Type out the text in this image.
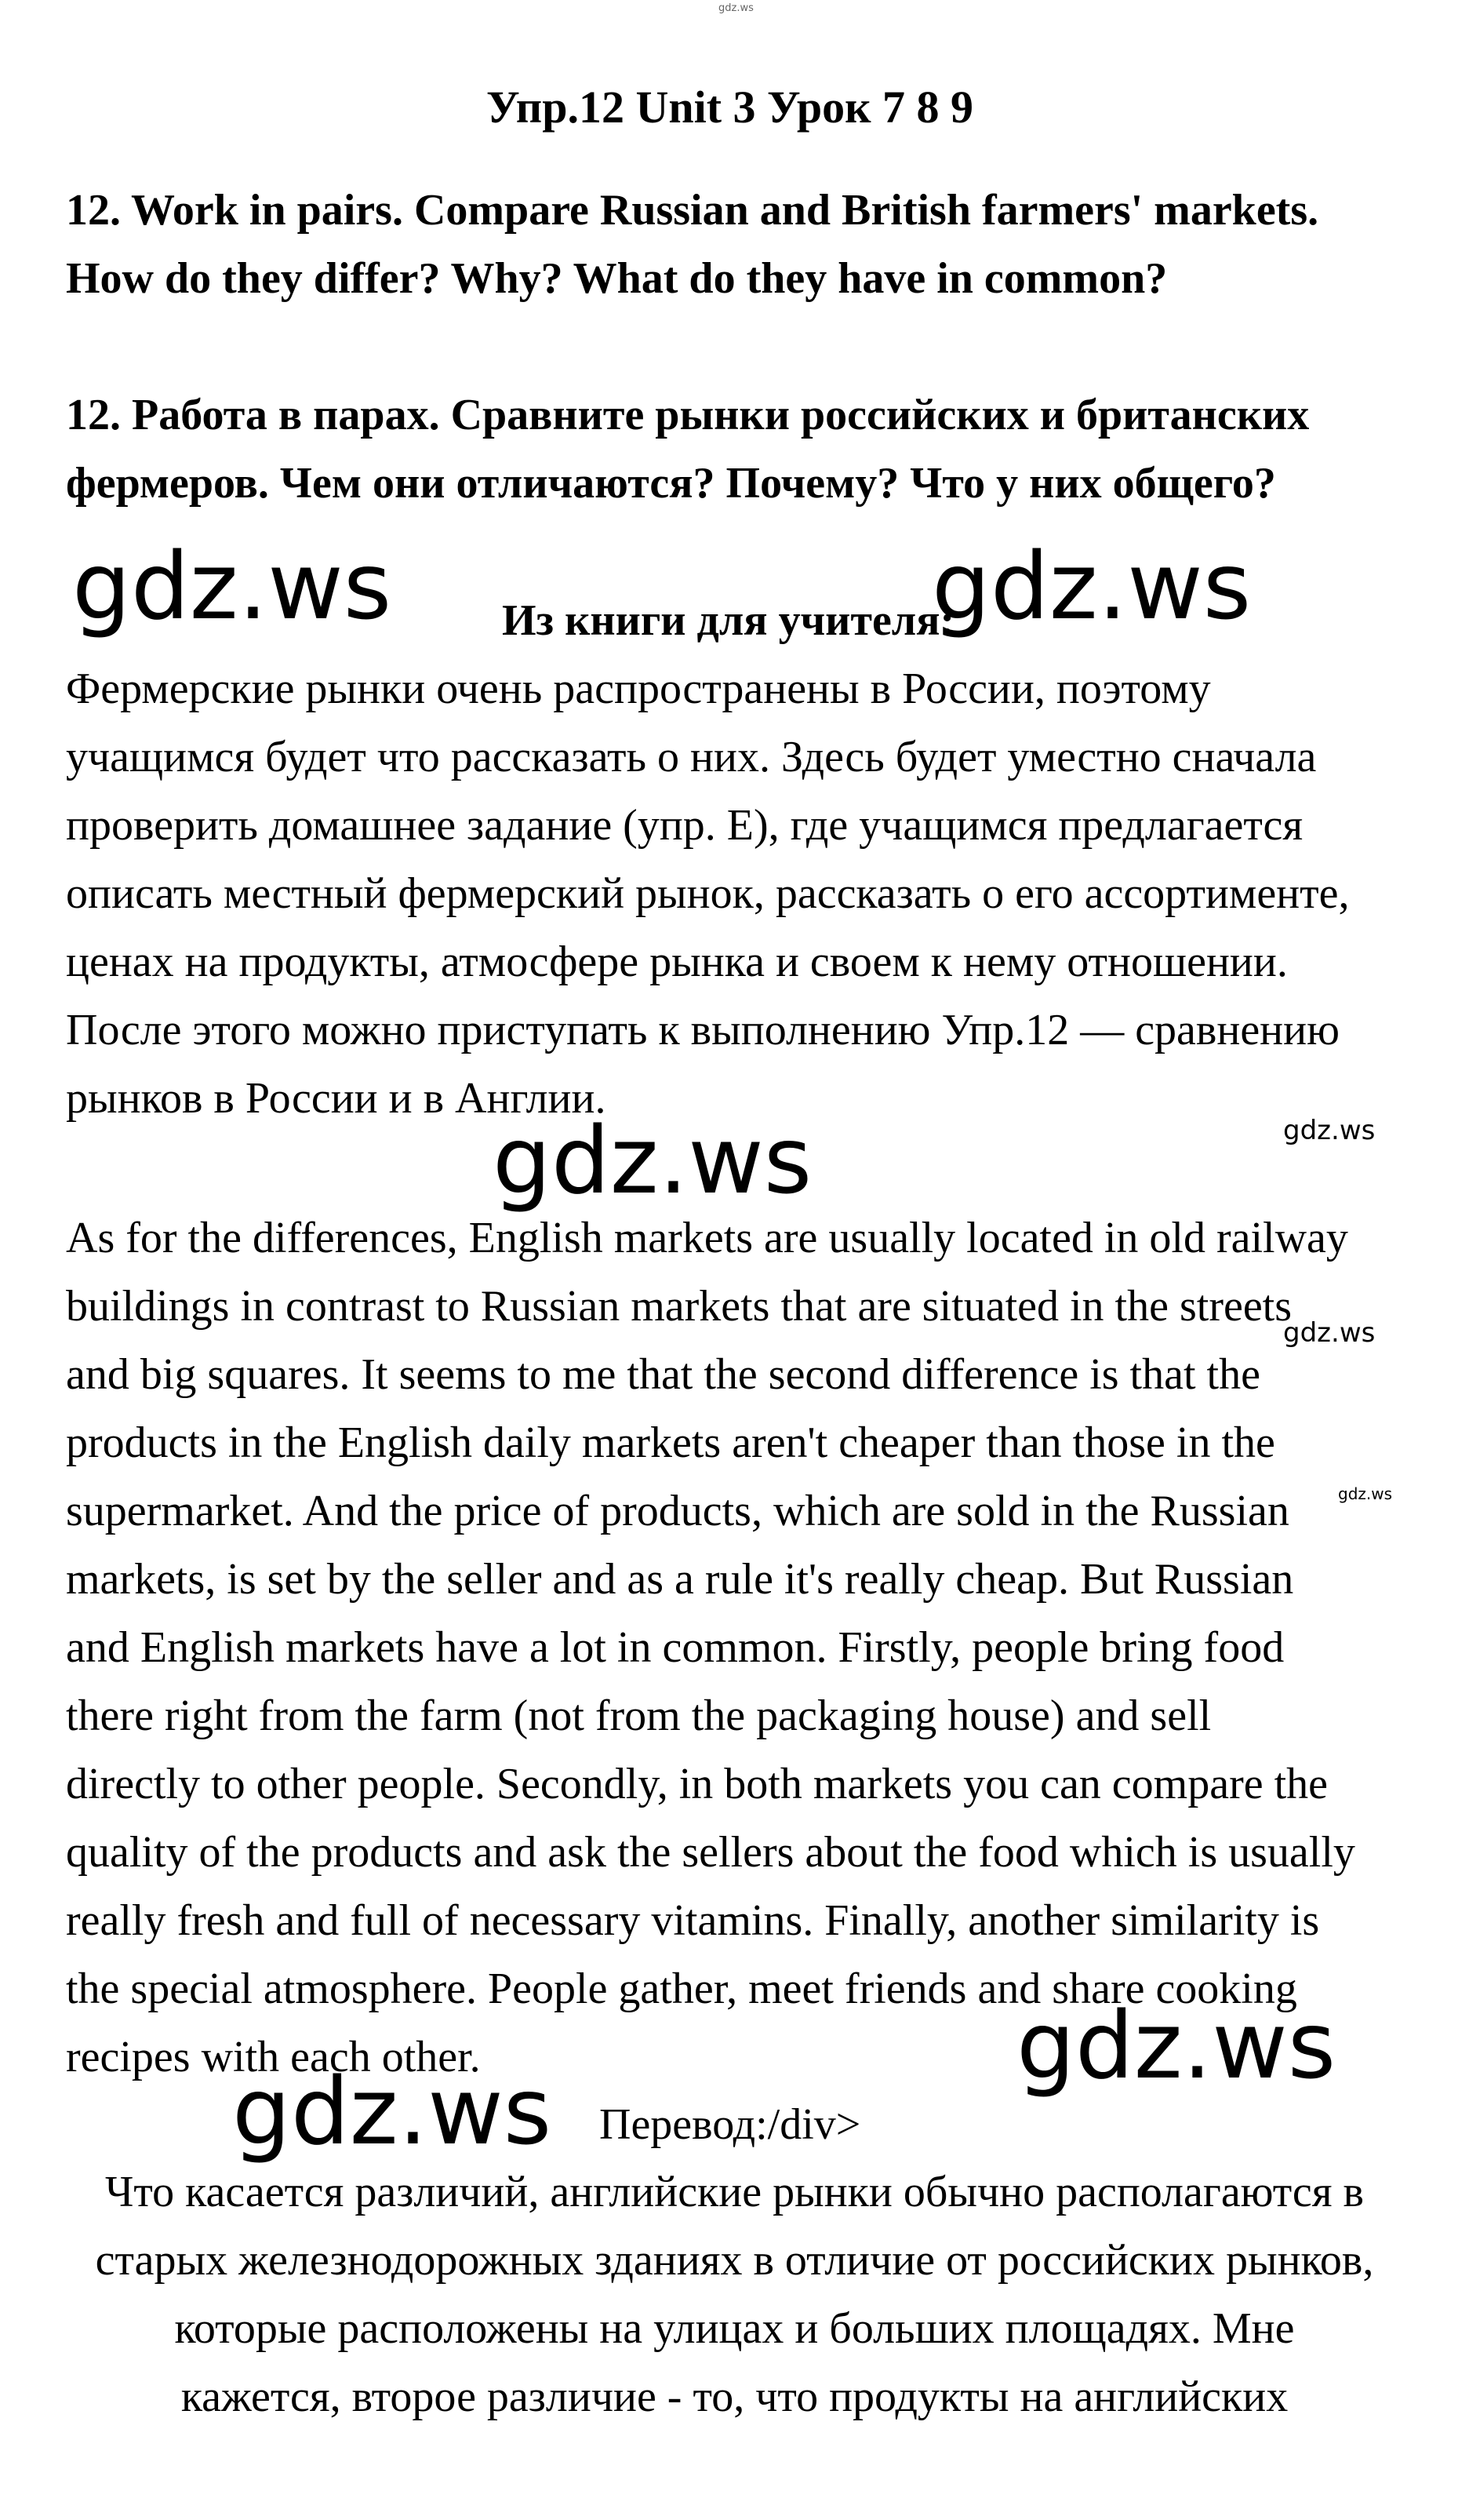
gdz.ws
Упр.12 Unit 3 Урок 7 8 9
12. Work in pairs. Compare Russian and British farmers' markets.
How do they differ? Why? What do they have in common?
12. Работа в парах. Сравните рынки российских и британских
фермеров. Чем они отличаются? Почему? Что у них общего?
gdz.ws	Из книги для учителя:
gdz.ws
Фермерские рынки очень распространены в России, поэтому
учащимся будет что рассказать о них. Здесь будет уместно сначала
проверить домашнее задание (упр. Е), где учащимся предлагается
описать местный фермерский рынок, рассказать о его ассортименте,
ценах на продукты, атмосфере рынка и своем к нему отношении.
После этого можно приступать к выполнению Упр.12 — сравнению
рынков в России и в Англии.
gdz.ws
gdz.ws
As for the differences, English markets are usually located in old railway
buildings in contrast to Russian markets that are situated in the streets
gdz.ws
and big squares. It seems to me that the second difference is that the
products in the English daily markets aren't cheaper than those in the
supermarket. And the price of products, which are sold in the Russian	gdz.ws
markets, is set by the seller and as a rule it's really cheap. But Russian
and English markets have a lot in common. Firstly, people bring food
there right from the farm (not from the packaging house) and sell
directly to other people. Secondly, in both markets you can compare the
quality of the products and ask the sellers about the food which is usually
really fresh and full of necessary vitamins. Finally, another similarity is
the special atmosphere. People gather, meet friends and share cooking
recipes with each other.	gdz.ws
gdz.ws Перевод:/div>
Что касается различий, английские рынки обычно располагаются в
старых железнодорожных зданиях в отличие от российских рынков,
которые расположены на улицах и больших площадях. Мне
кажется, второе различие - то, что продукты на английских
